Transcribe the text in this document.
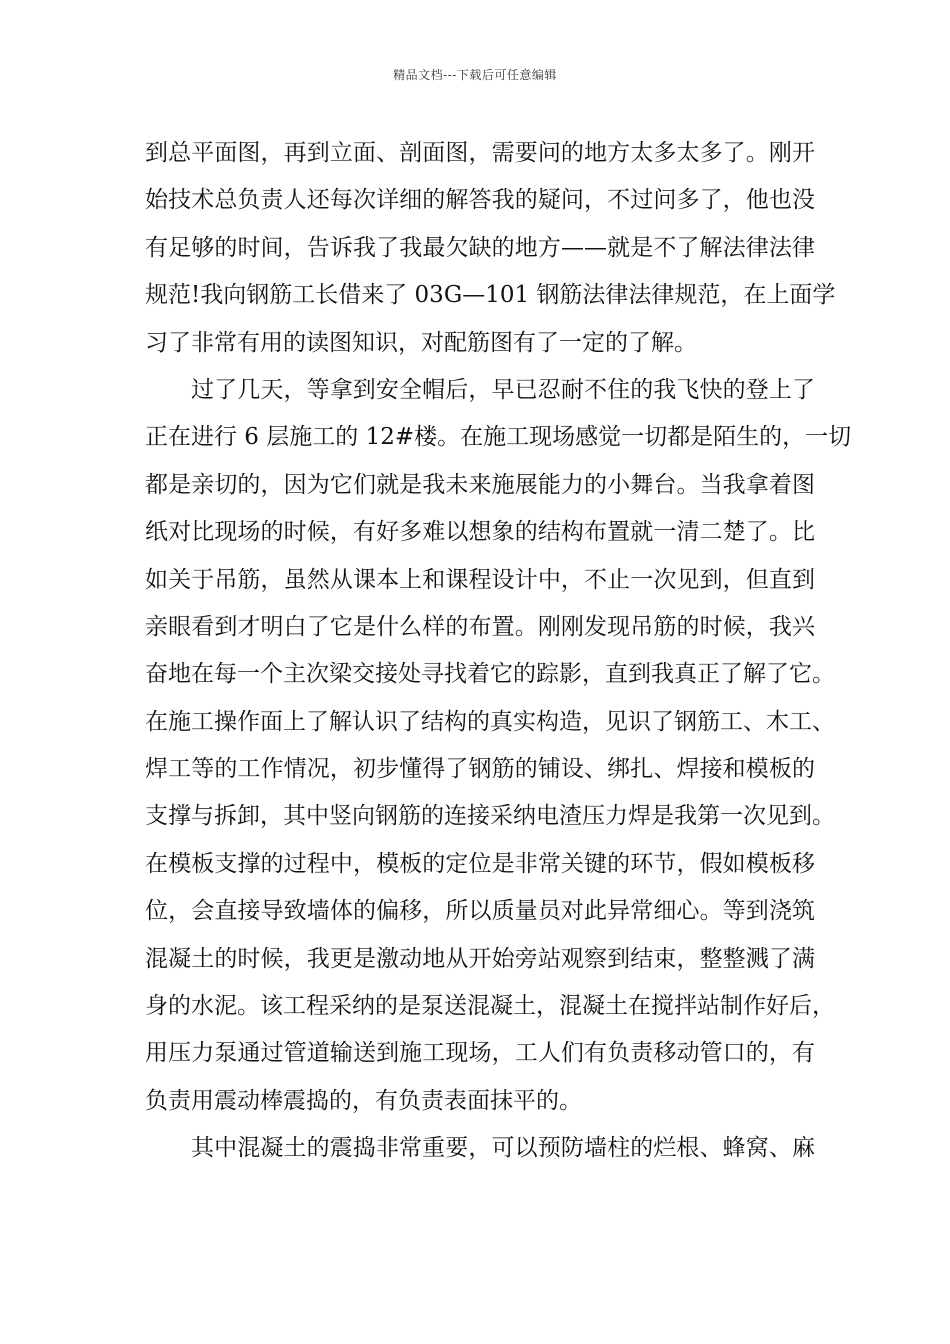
精品文档---下载后可任意编辑
到总平面图，再到立面、剖面图，需要问的地方太多太多了。刚开
始技术总负责人还每次详细的解答我的疑问，不过问多了，他也没
有足够的时间，告诉我了我最欠缺的地方——就是不了解法律法律
规范!我向钢筋工长借来了 03G—101 钢筋法律法律规范，在上面学
习了非常有用的读图知识，对配筋图有了一定的了解。
过了几天，等拿到安全帽后，早已忍耐不住的我飞快的登上了
正在进行 6 层施工的 12#楼。在施工现场感觉一切都是陌生的，一切
都是亲切的，因为它们就是我未来施展能力的小舞台。当我拿着图
纸对比现场的时候，有好多难以想象的结构布置就一清二楚了。比
如关于吊筋，虽然从课本上和课程设计中，不止一次见到，但直到
亲眼看到才明白了它是什么样的布置。刚刚发现吊筋的时候，我兴
奋地在每一个主次梁交接处寻找着它的踪影，直到我真正了解了它。
在施工操作面上了解认识了结构的真实构造，见识了钢筋工、木工、
焊工等的工作情况，初步懂得了钢筋的铺设、绑扎、焊接和模板的
支撑与拆卸，其中竖向钢筋的连接采纳电渣压力焊是我第一次见到。
在模板支撑的过程中，模板的定位是非常关键的环节，假如模板移
位，会直接导致墙体的偏移，所以质量员对此异常细心。等到浇筑
混凝土的时候，我更是激动地从开始旁站观察到结束，整整溅了满
身的水泥。该工程采纳的是泵送混凝土，混凝土在搅拌站制作好后，
用压力泵通过管道输送到施工现场，工人们有负责移动管口的，有
负责用震动棒震捣的，有负责表面抹平的。
其中混凝土的震捣非常重要，可以预防墙柱的烂根、蜂窝、麻
